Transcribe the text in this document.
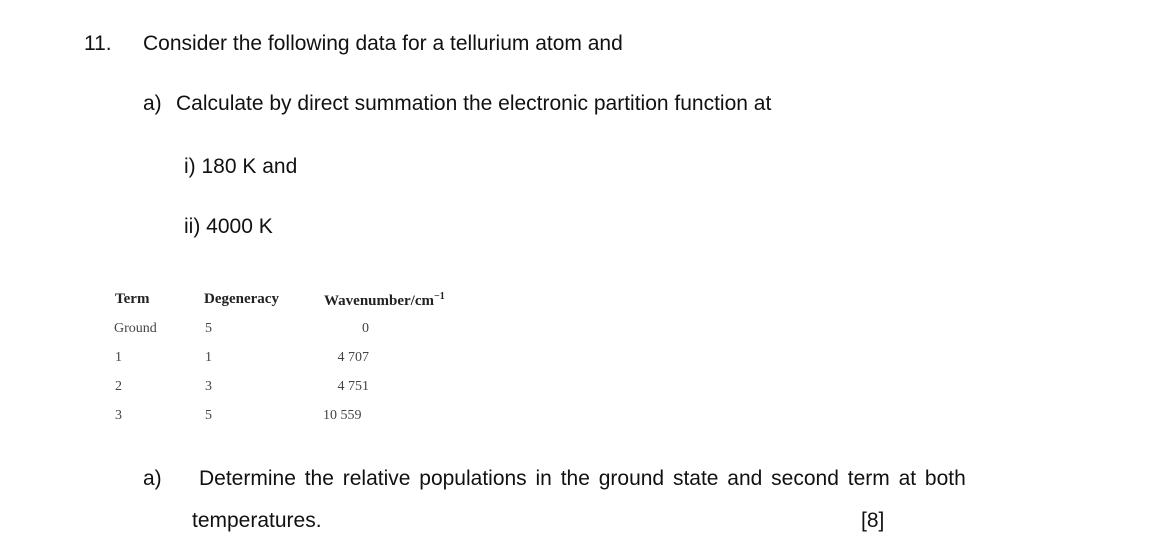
11. Consider the following data for a tellurium atom and
a) Calculate by direct summation the electronic partition function at
i) 180 K and
ii) 4000 K
Term	Degeneracy	Wavenumber/$cm^{-1}$
Ground	5	0
1	1	4 707
2	3	4 751
3	5	10 559
a) Determine the relative populations in the ground state and second term at both
temperatures.	[8]
